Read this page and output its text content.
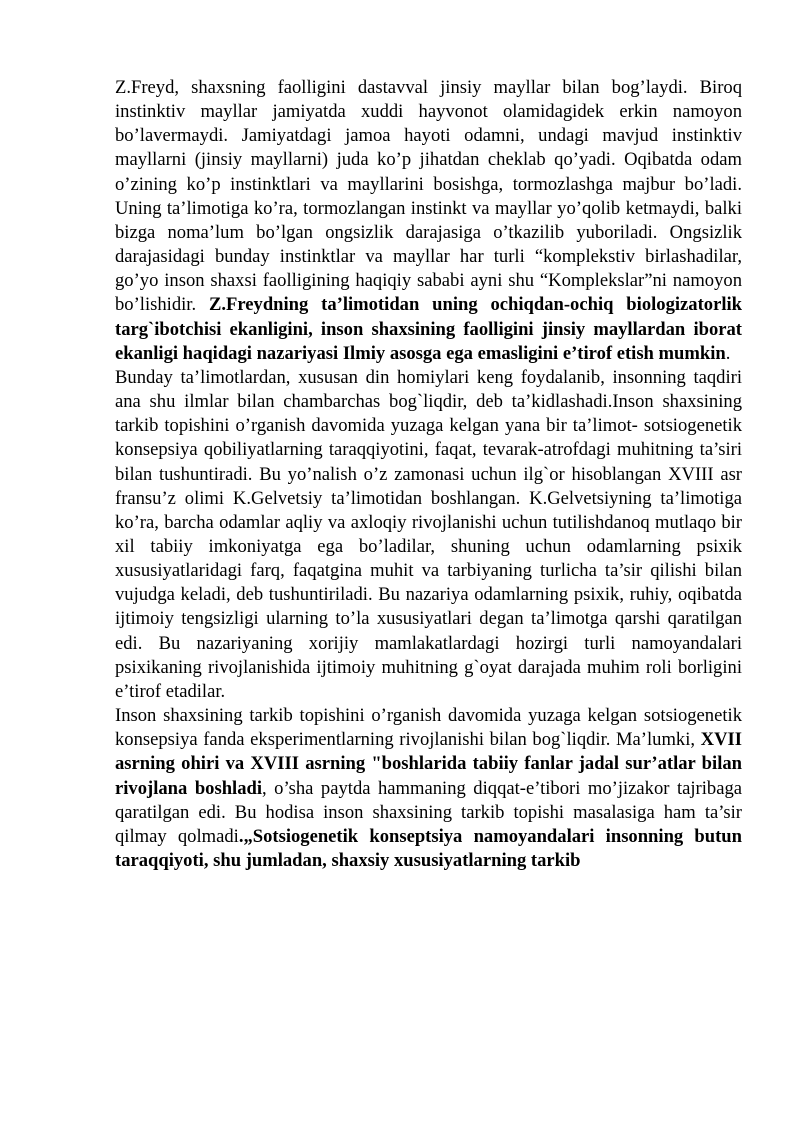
Z.Freyd, shaxsning faolligini dastavval jinsiy mayllar bilan bog’laydi. Biroq instinktiv mayllar jamiyatda xuddi hayvonot olamidagidek erkin namoyon bo’lavermaydi. Jamiyatdagi jamoa hayoti odamni, undagi mavjud instinktiv mayllarni (jinsiy mayllarni) juda ko’p jihatdan cheklab qo’yadi. Oqibatda odam o’zining ko’p instinktlari va mayllarini bosishga, tormozlashga majbur bo’ladi. Uning ta’limotiga ko’ra, tormozlangan instinkt va mayllar yo’qolib ketmaydi, balki bizga noma’lum bo’lgan ongsizlik darajasiga o’tkazilib yuboriladi. Ongsizlik darajasidagi bunday instinktlar va mayllar har turli “komplekstiv birlashadilar, go’yo inson shaxsi faolligining haqiqiy sababi ayni shu “Komplekslar”ni namoyon bo’lishidir. Z.Freydning ta’limotidan uning ochiqdan-ochiq biologizatorlik targ`ibotchisi ekanligini, inson shaxsining faolligini jinsiy mayllardan iborat ekanligi haqidagi nazariyasi Ilmiy asosga ega emasligini e’tirof etish mumkin.

Bunday ta’limotlardan, xususan din homiylari keng foydalanib, insonning taqdiri ana shu ilmlar bilan chambarchas bog`liqdir, deb ta’kidlashadi.Inson shaxsining tarkib topishini o’rganish davomida yuzaga kelgan yana bir ta’limot- sotsiogenetik konsepsiya qobiliyatlarning taraqqiyotini, faqat, tevarak-atrofdagi muhitning ta’siri bilan tushuntiradi. Bu yo’nalish o’z zamonasi uchun ilg`or hisoblangan XVIII asr fransu’z olimi K.Gelvetsiy ta’limotidan boshlangan. K.Gelvetsiyning ta’limotiga ko’ra, barcha odamlar aqliy va axloqiy rivojlanishi uchun tutilishdanoq mutlaqo bir xil tabiiy imkoniyatga ega bo’ladilar, shuning uchun odamlarning psixik xususiyatlaridagi farq, faqatgina muhit va tarbiyaning turlicha ta’sir qilishi bilan vujudga keladi, deb tushuntiriladi. Bu nazariya odamlarning psixik, ruhiy, oqibatda ijtimoiy tengsizligi ularning to’la xususiyatlari degan ta’limotga qarshi qaratilgan edi. Bu nazariyaning xorijiy mamlakatlardagi hozirgi turli namoyandalari psixikaning rivojlanishida ijtimoiy muhitning g`oyat darajada muhim roli borligini e’tirof etadilar.

Inson shaxsining tarkib topishini o’rganish davomida yuzaga kelgan sotsiogenetik konsepsiya fanda eksperimentlarning rivojlanishi bilan bog`liqdir. Ma’lumki, XVII asrning ohiri va XVIII asrning "boshlarida tabiiy fanlar jadal sur’atlar bilan rivojlana boshladi, o’sha paytda hammaning diqqat-e’tibori mo’jizakor tajribaga qaratilgan edi. Bu hodisa inson shaxsining tarkib topishi masalasiga ham ta’sir qilmay qolmadi.„Sotsiogenetik konseptsiya namoyandalari insonning butun taraqqiyoti, shu jumladan, shaxsiy xususiyatlarning tarkib
